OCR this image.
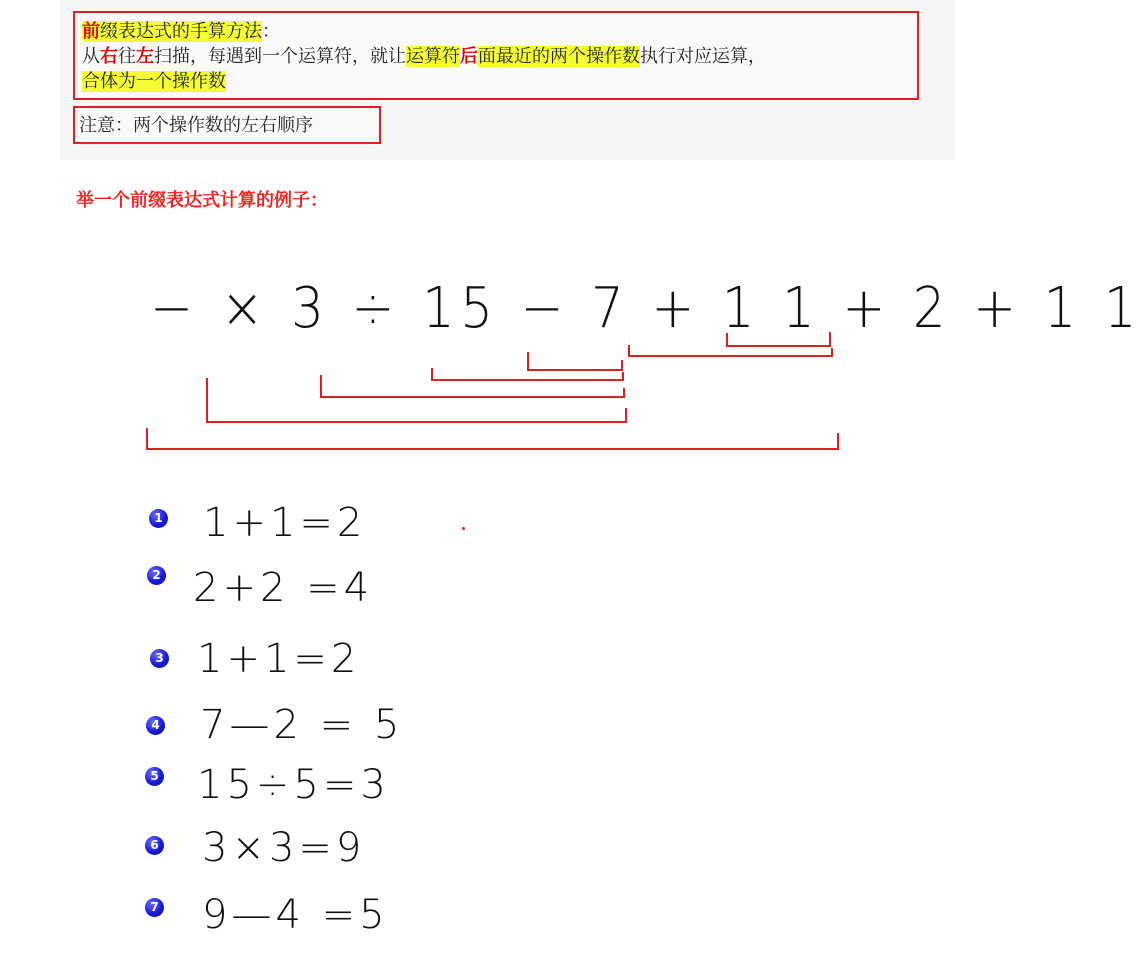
前缀表达式的手算方法：
从右往左扫描，每遇到一个运算符，就让运算符后面最近的两个操作数执行对应运算，
合体为一个操作数
注意：两个操作数的左右顺序
举一个前缀表达式计算的例子：
− × 3 ÷ 15 − 7 + 1 1 + 2 + 1 1
1 1+1=2
2 2+2 =4
3 1+1=2
4 7—2 = 5
5 15÷5=3
6 3×3=9
7 9—4 =5
